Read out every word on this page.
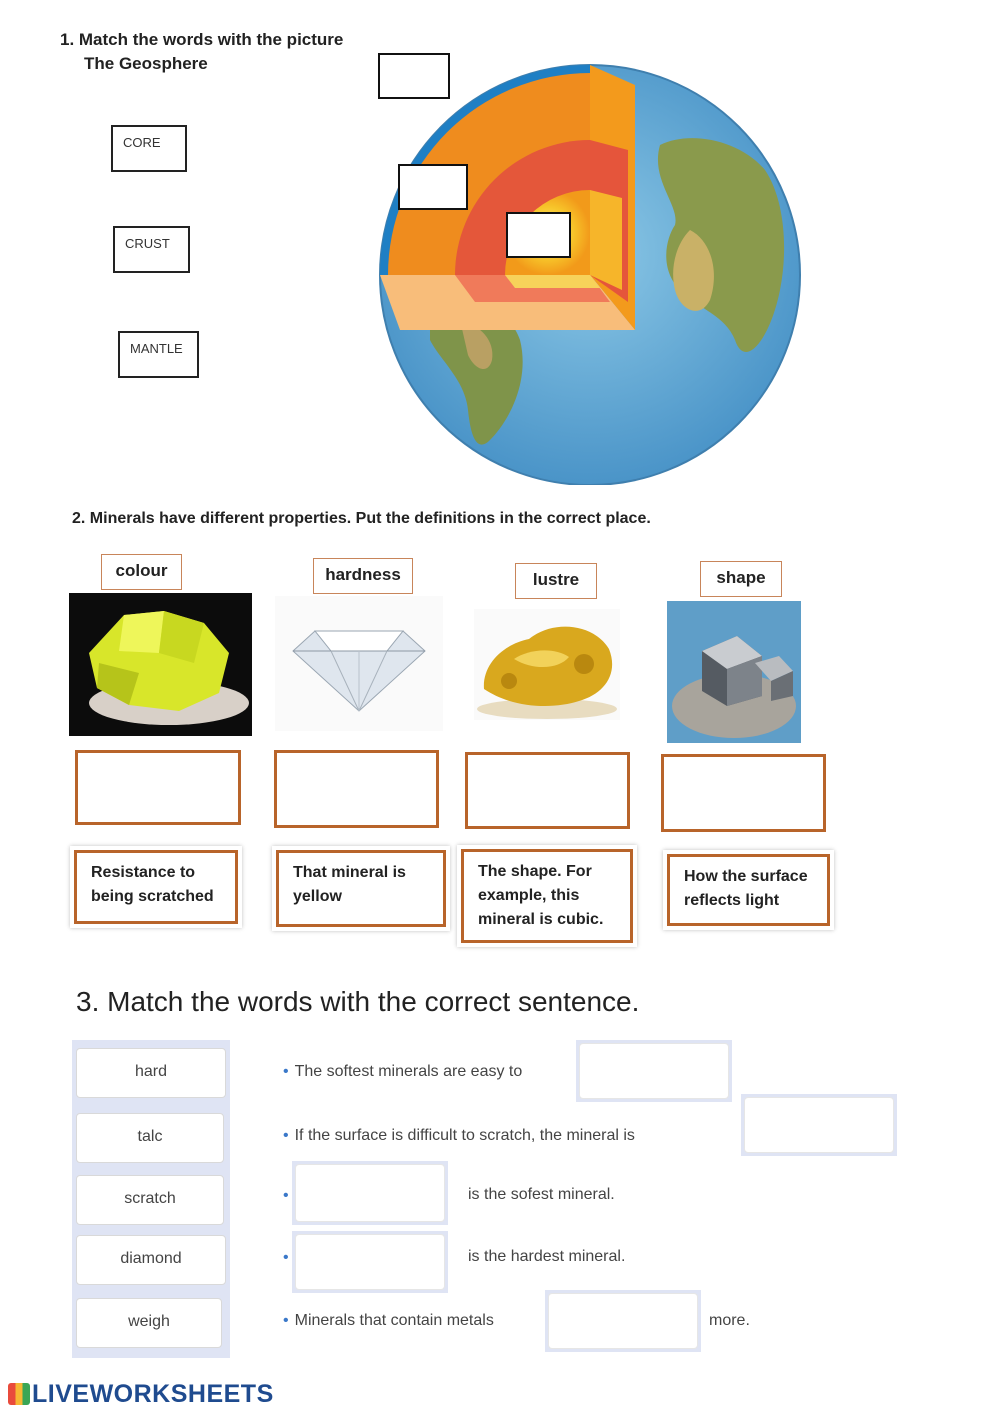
1. Match the words with the picture
The Geosphere
CORE
CRUST
MANTLE
2. Minerals have different properties. Put the definitions in the correct place.
colour	hardness	lustre	shape
Resistance to being scratched
That mineral is yellow
The shape. For example, this mineral is cubic.
How the surface reflects light
3. Match the words with the correct sentence.
hard
talc
scratch
diamond
weigh
• The softest minerals are easy to
• If the surface is difficult to scratch, the mineral is
•	is the sofest mineral.
•	is the hardest mineral.
• Minerals that contain metals	more.
LIVEWORKSHEETS
